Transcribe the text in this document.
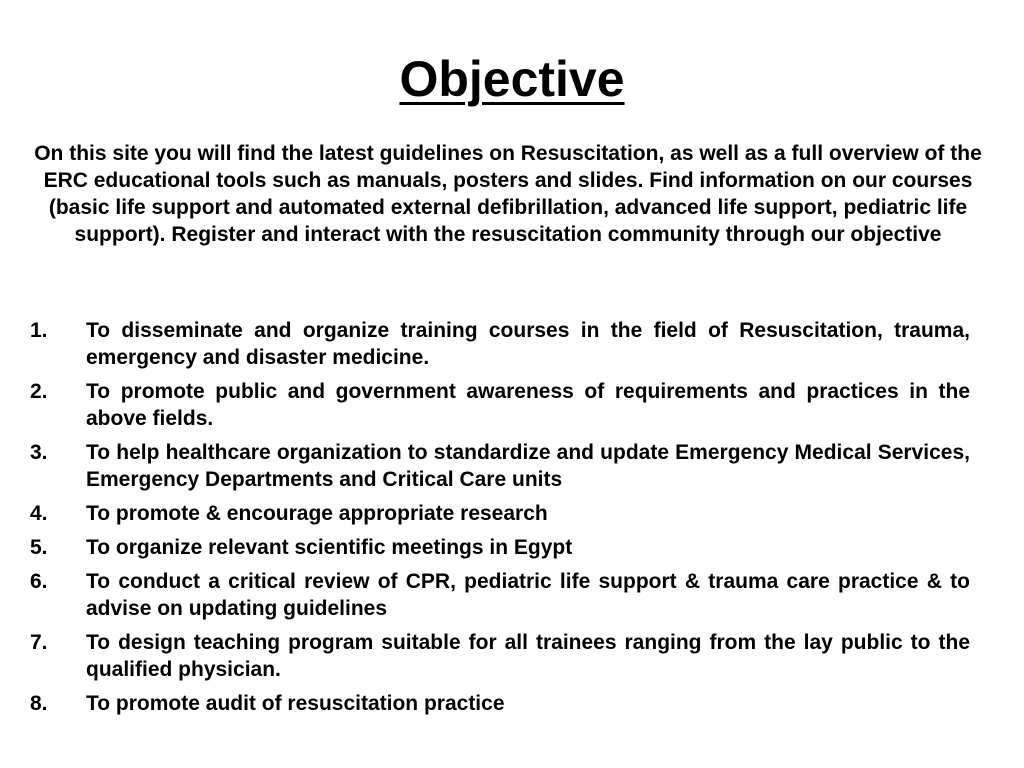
Objective

On this site you will find the latest guidelines on Resuscitation, as well as a full overview of the ERC educational tools such as manuals, posters and slides. Find information on our courses (basic life support and automated external defibrillation, advanced life support, pediatric life support). Register and interact with the resuscitation community through our objective

1.	To disseminate and organize training courses in the field of Resuscitation, trauma, emergency and disaster medicine.
2.	To promote public and government awareness of requirements and practices in the above fields.
3.	To help healthcare organization to standardize and update Emergency Medical Services, Emergency Departments and Critical Care units
4.	To promote & encourage appropriate research
5.	To organize relevant scientific meetings in Egypt
6.	To conduct a critical review of CPR, pediatric life support & trauma care practice & to advise on updating guidelines
7.	To design teaching program suitable for all trainees ranging from the lay public to the qualified physician.
8.	To promote audit of resuscitation practice
